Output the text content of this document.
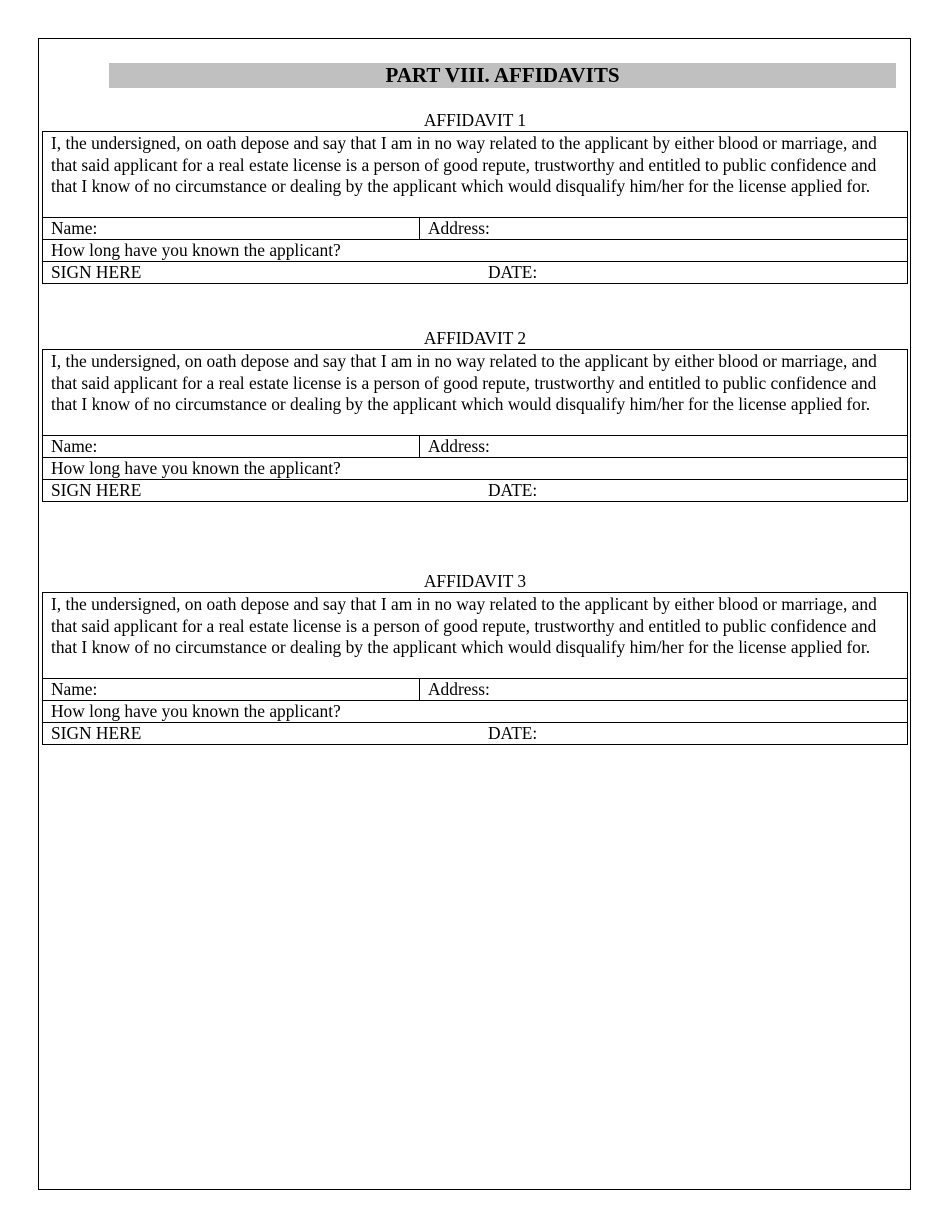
PART VIII. AFFIDAVITS
AFFIDAVIT 1
I, the undersigned, on oath depose and say that I am in no way related to the applicant by either blood or marriage, and that said applicant for a real estate license is a person of good repute, trustworthy and entitled to public confidence and that I know of no circumstance or dealing by the applicant which would disqualify him/her for the license applied for.
Name:	Address:
How long have you known the applicant?
SIGN HERE	DATE:
AFFIDAVIT 2
I, the undersigned, on oath depose and say that I am in no way related to the applicant by either blood or marriage, and that said applicant for a real estate license is a person of good repute, trustworthy and entitled to public confidence and that I know of no circumstance or dealing by the applicant which would disqualify him/her for the license applied for.
Name:	Address:
How long have you known the applicant?
SIGN HERE	DATE:
AFFIDAVIT 3
I, the undersigned, on oath depose and say that I am in no way related to the applicant by either blood or marriage, and that said applicant for a real estate license is a person of good repute, trustworthy and entitled to public confidence and that I know of no circumstance or dealing by the applicant which would disqualify him/her for the license applied for.
Name:	Address:
How long have you known the applicant?
SIGN HERE	DATE:
